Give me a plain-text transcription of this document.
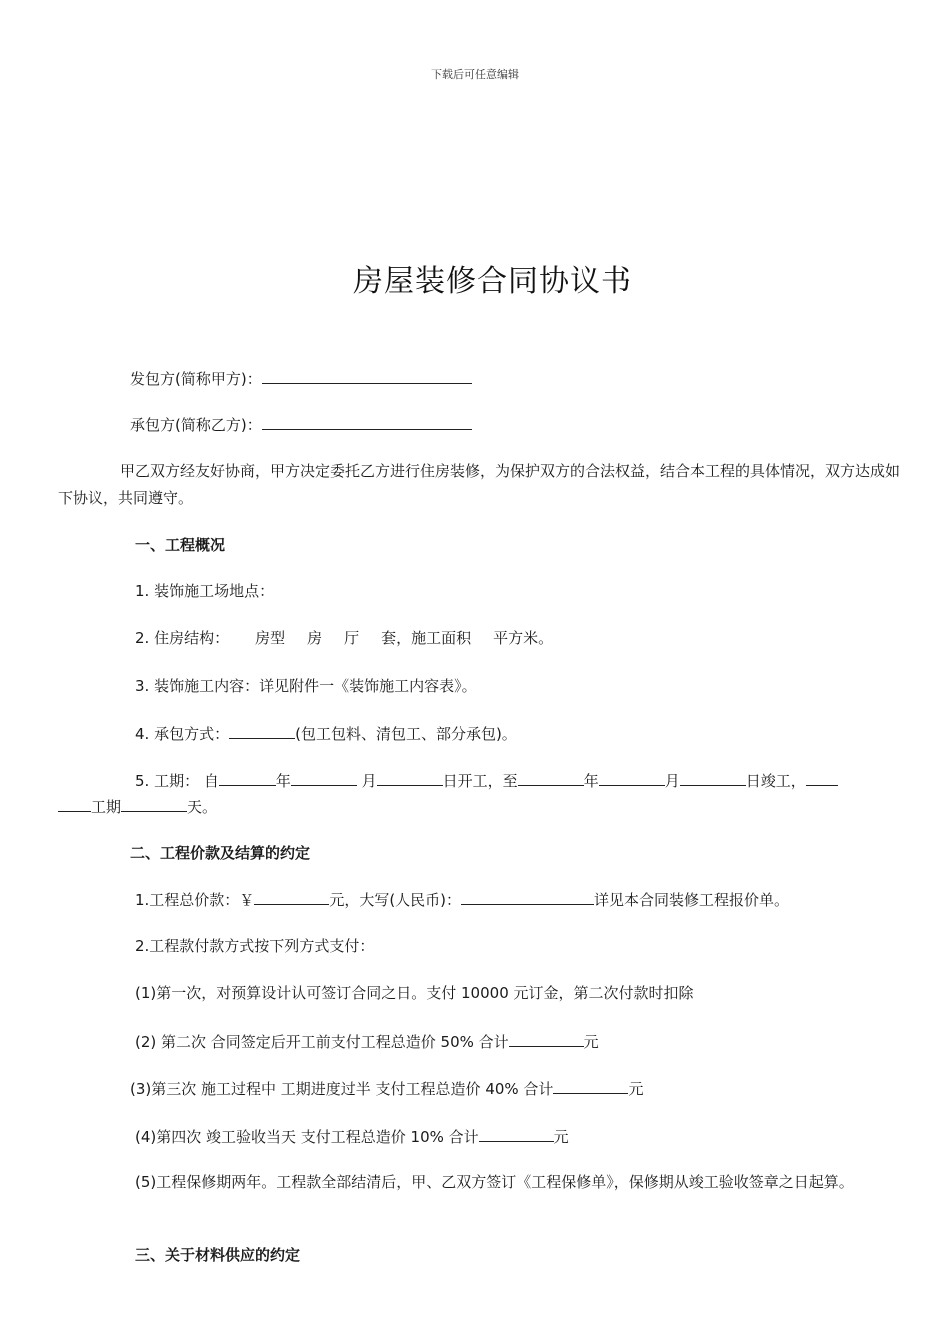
下载后可任意编辑
房屋装修合同协议书
发包方(简称甲方)：
承包方(简称乙方)：
甲乙双方经友好协商，甲方决定委托乙方进行住房装修，为保护双方的合法权益，结合本工程的具体情况，双方达成如下协议，共同遵守。
一、工程概况
1. 装饰施工场地点：
2. 住房结构： 房型 房 厅 套，施工面积 平方米。
3. 装饰施工内容：详见附件一《装饰施工内容表》。
4. 承包方式：	(包工包料、清包工、部分承包)。
5. 工期： 自	年	月	日开工，至	年	月	日竣工，
工期	天。
二、工程价款及结算的约定
1.工程总价款：￥	元，大写(人民币)：	详见本合同装修工程报价单。
2.工程款付款方式按下列方式支付：
(1)第一次，对预算设计认可签订合同之日。支付 10000 元订金，第二次付款时扣除
(2) 第二次 合同签定后开工前支付工程总造价 50% 合计	元
(3)第三次 施工过程中 工期进度过半 支付工程总造价 40% 合计	元
(4)第四次 竣工验收当天 支付工程总造价 10% 合计	元
(5)工程保修期两年。工程款全部结清后，甲、乙双方签订《工程保修单》，保修期从竣工验收签章之日起算。
三、关于材料供应的约定
